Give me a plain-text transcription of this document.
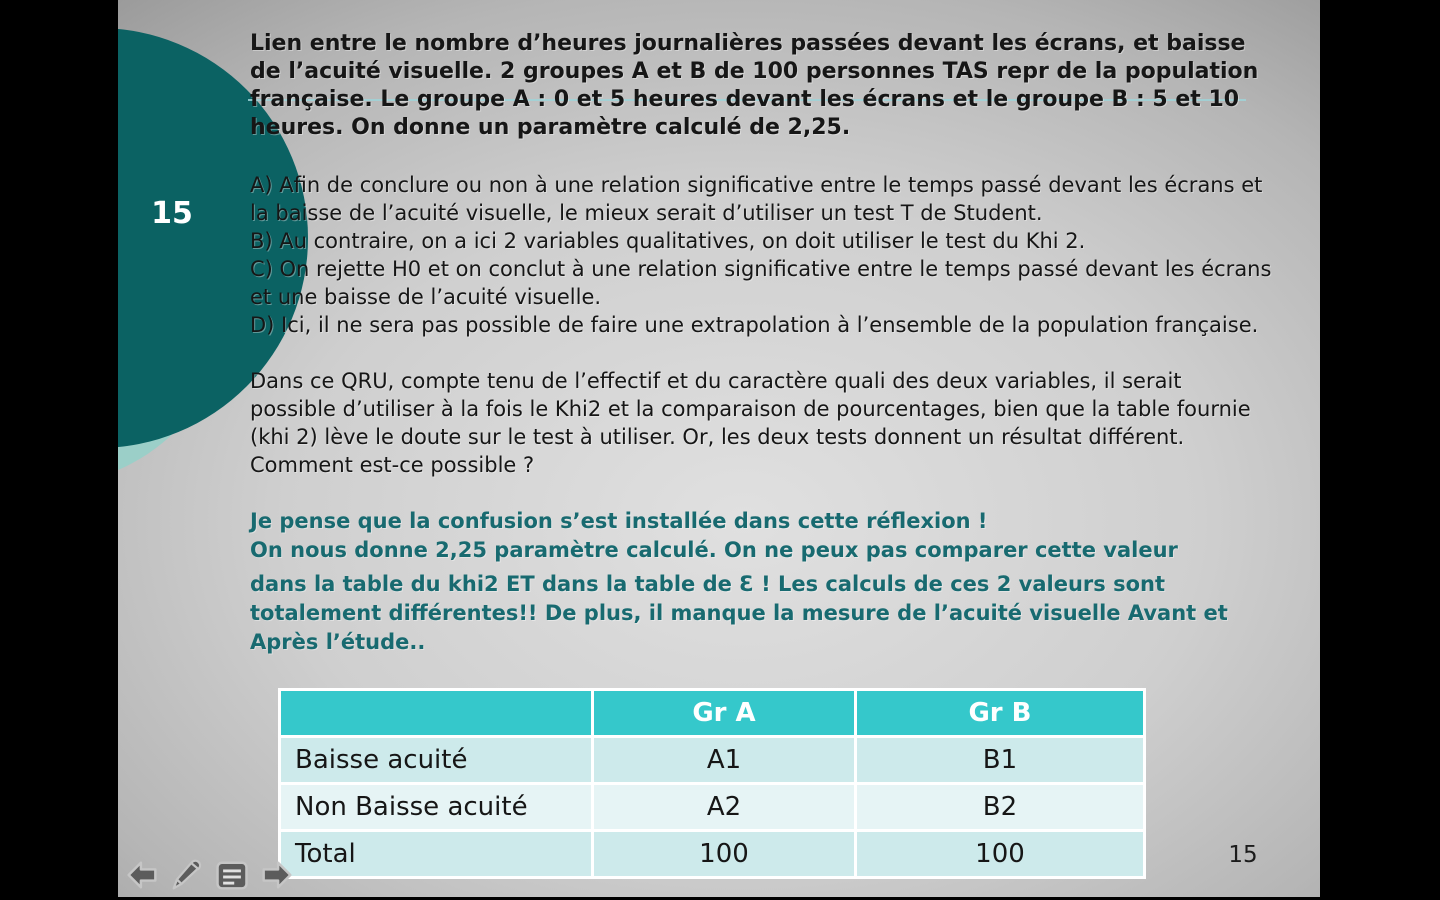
15

Lien entre le nombre d’heures journalières passées devant les écrans, et baisse de l’acuité visuelle. 2 groupes A et B de 100 personnes TAS repr de la population française. Le groupe A : 0 et 5 heures devant les écrans et le groupe B : 5 et 10 heures. On donne un paramètre calculé de 2,25.

A) Afin de conclure ou non à une relation significative entre le temps passé devant les écrans et la baisse de l’acuité visuelle, le mieux serait d’utiliser un test T de Student.

B) Au contraire, on a ici 2 variables qualitatives, on doit utiliser le test du Khi 2.

C) On rejette H0 et on conclut à une relation significative entre le temps passé devant les écrans et une baisse de l’acuité visuelle.

D) Ici, il ne sera pas possible de faire une extrapolation à l’ensemble de la population française.

Dans ce QRU, compte tenu de l’effectif et du caractère quali des deux variables, il serait possible d’utiliser à la fois le Khi2 et la comparaison de pourcentages, bien que la table fournie (khi 2) lève le doute sur le test à utiliser. Or, les deux tests donnent un résultat différent. Comment est-ce possible ?

Je pense que la confusion s’est installée dans cette réflexion !

On nous donne 2,25 paramètre calculé. On ne peux pas comparer cette valeur

dans la table du khi2 ET dans la table de Ɛ ! Les calculs de ces 2 valeurs sont totalement différentes!! De plus, il manque la mesure de l’acuité visuelle Avant et Après l’étude..

	Gr A	Gr B
Baisse acuité	A1	B1
Non Baisse acuité	A2	B2
Total	100	100	15
